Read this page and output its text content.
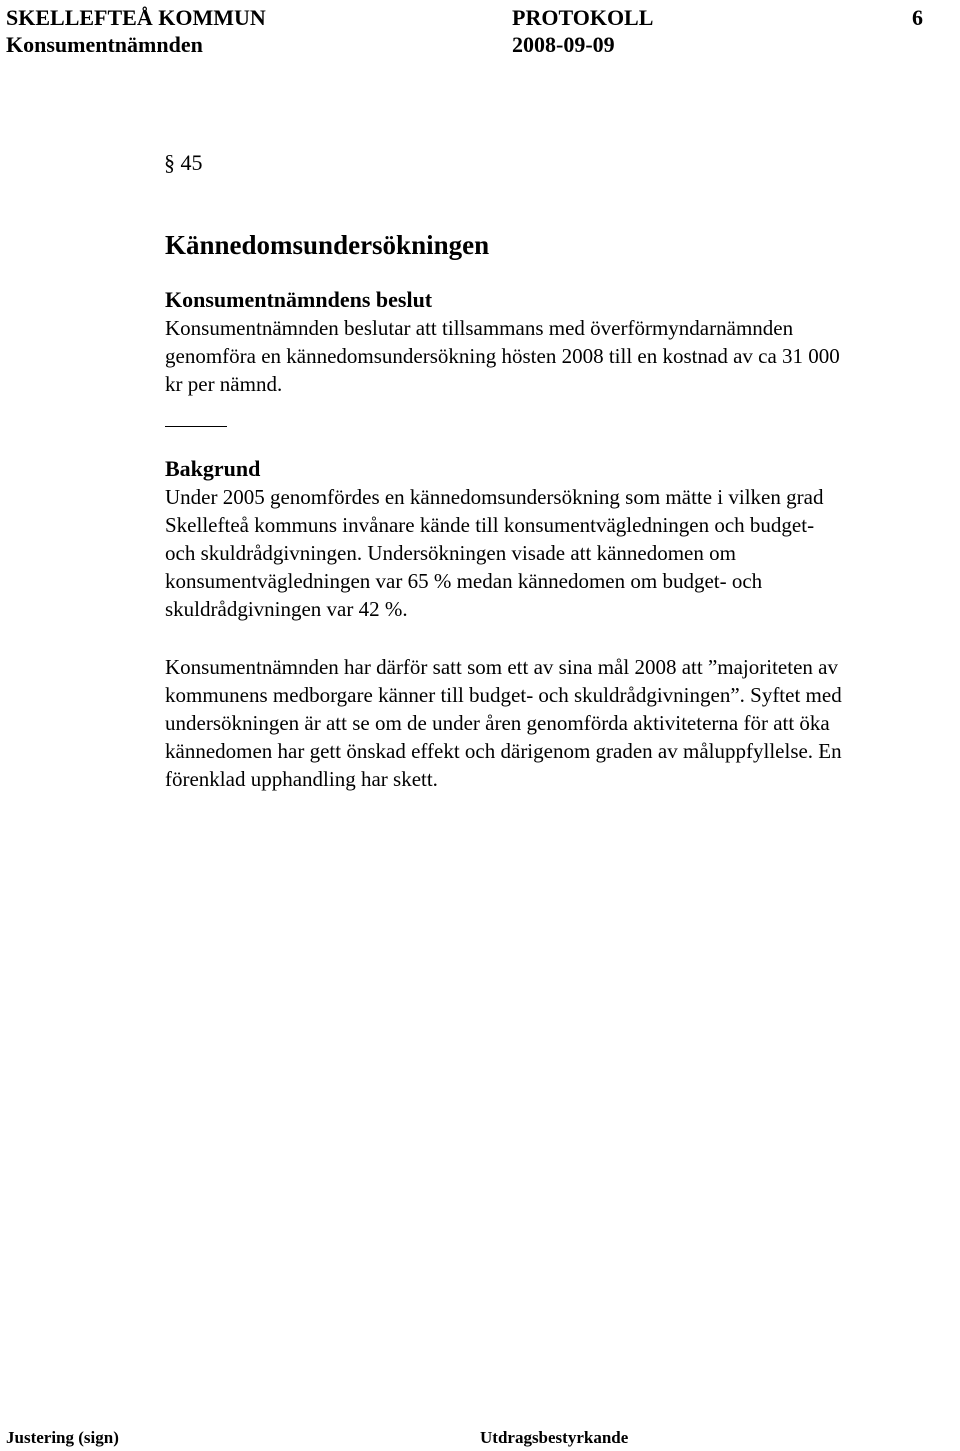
SKELLEFTEÅ KOMMUN	PROTOKOLL	6
Konsumentnämnden	2008-09-09
§ 45
Kännedomsundersökningen
Konsumentnämndens beslut
Konsumentnämnden beslutar att tillsammans med överförmyndarnämnden
genomföra en kännedomsundersökning hösten 2008 till en kostnad av ca 31 000
kr per nämnd.
Bakgrund
Under 2005 genomfördes en kännedomsundersökning som mätte i vilken grad
Skellefteå kommuns invånare kände till konsumentvägledningen och budget-
och skuldrådgivningen. Undersökningen visade att kännedomen om
konsumentvägledningen var 65 % medan kännedomen om budget- och
skuldrådgivningen var 42 %.
Konsumentnämnden har därför satt som ett av sina mål 2008 att ”majoriteten av
kommunens medborgare känner till budget- och skuldrådgivningen”. Syftet med
undersökningen är att se om de under åren genomförda aktiviteterna för att öka
kännedomen har gett önskad effekt och därigenom graden av måluppfyllelse. En
förenklad upphandling har skett.
Justering (sign)	Utdragsbestyrkande
